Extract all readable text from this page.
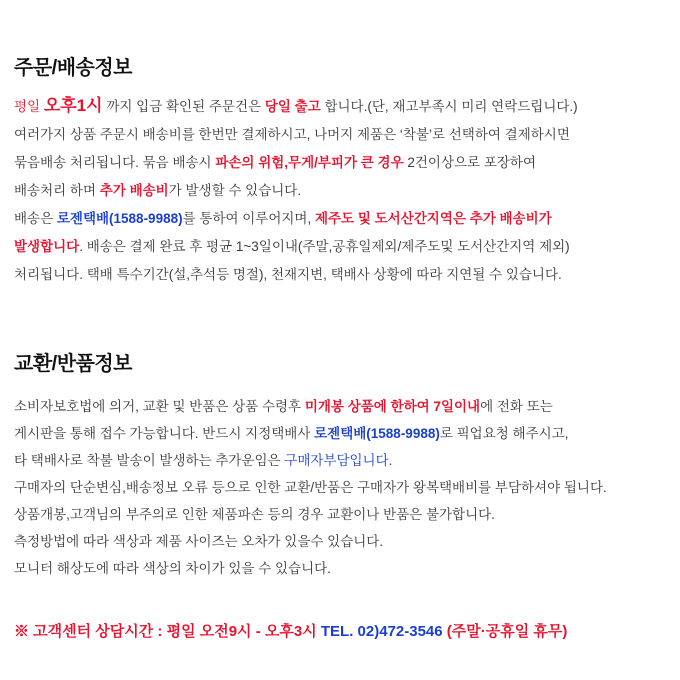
주문/배송정보
평일 오후1시 까지 입금 확인된 주문건은 당일 출고 합니다.(단, 재고부족시 미리 연락드립니다.)
여러가지 상품 주문시 배송비를 한번만 결제하시고, 나머지 제품은 ‘착불’로 선택하여 결제하시면
묶음배송 처리됩니다. 묶음 배송시 파손의 위험,무게/부피가 큰 경우 2건이상으로 포장하여
배송처리 하며 추가 배송비가 발생할 수 있습니다.
배송은 로젠택배(1588-9988)를 통하여 이루어지며, 제주도 및 도서산간지역은 추가 배송비가
발생합니다. 배송은 결제 완료 후 평균 1~3일이내(주말,공휴일제외/제주도및 도서산간지역 제외)
처리됩니다. 택배 특수기간(설,추석등 명절), 천재지변, 택배사 상황에 따라 지연될 수 있습니다.
교환/반품정보
소비자보호법에 의거, 교환 및 반품은 상품 수령후 미개봉 상품에 한하여 7일이내에 전화 또는
게시판을 통해 접수 가능합니다. 반드시 지정택배사 로젠택배(1588-9988)로 픽업요청 해주시고,
타 택배사로 착불 발송이 발생하는 추가운임은 구매자부담입니다.
구매자의 단순변심,배송정보 오류 등으로 인한 교환/반품은 구매자가 왕복택배비를 부담하셔야 됩니다.
상품개봉,고객님의 부주의로 인한 제품파손 등의 경우 교환이나 반품은 불가합니다.
측정방법에 따라 색상과 제품 사이즈는 오차가 있을수 있습니다.
모니터 해상도에 따라 색상의 차이가 있을 수 있습니다.
※ 고객센터 상담시간 : 평일 오전9시 - 오후3시 TEL. 02)472-3546 (주말·공휴일 휴무)
